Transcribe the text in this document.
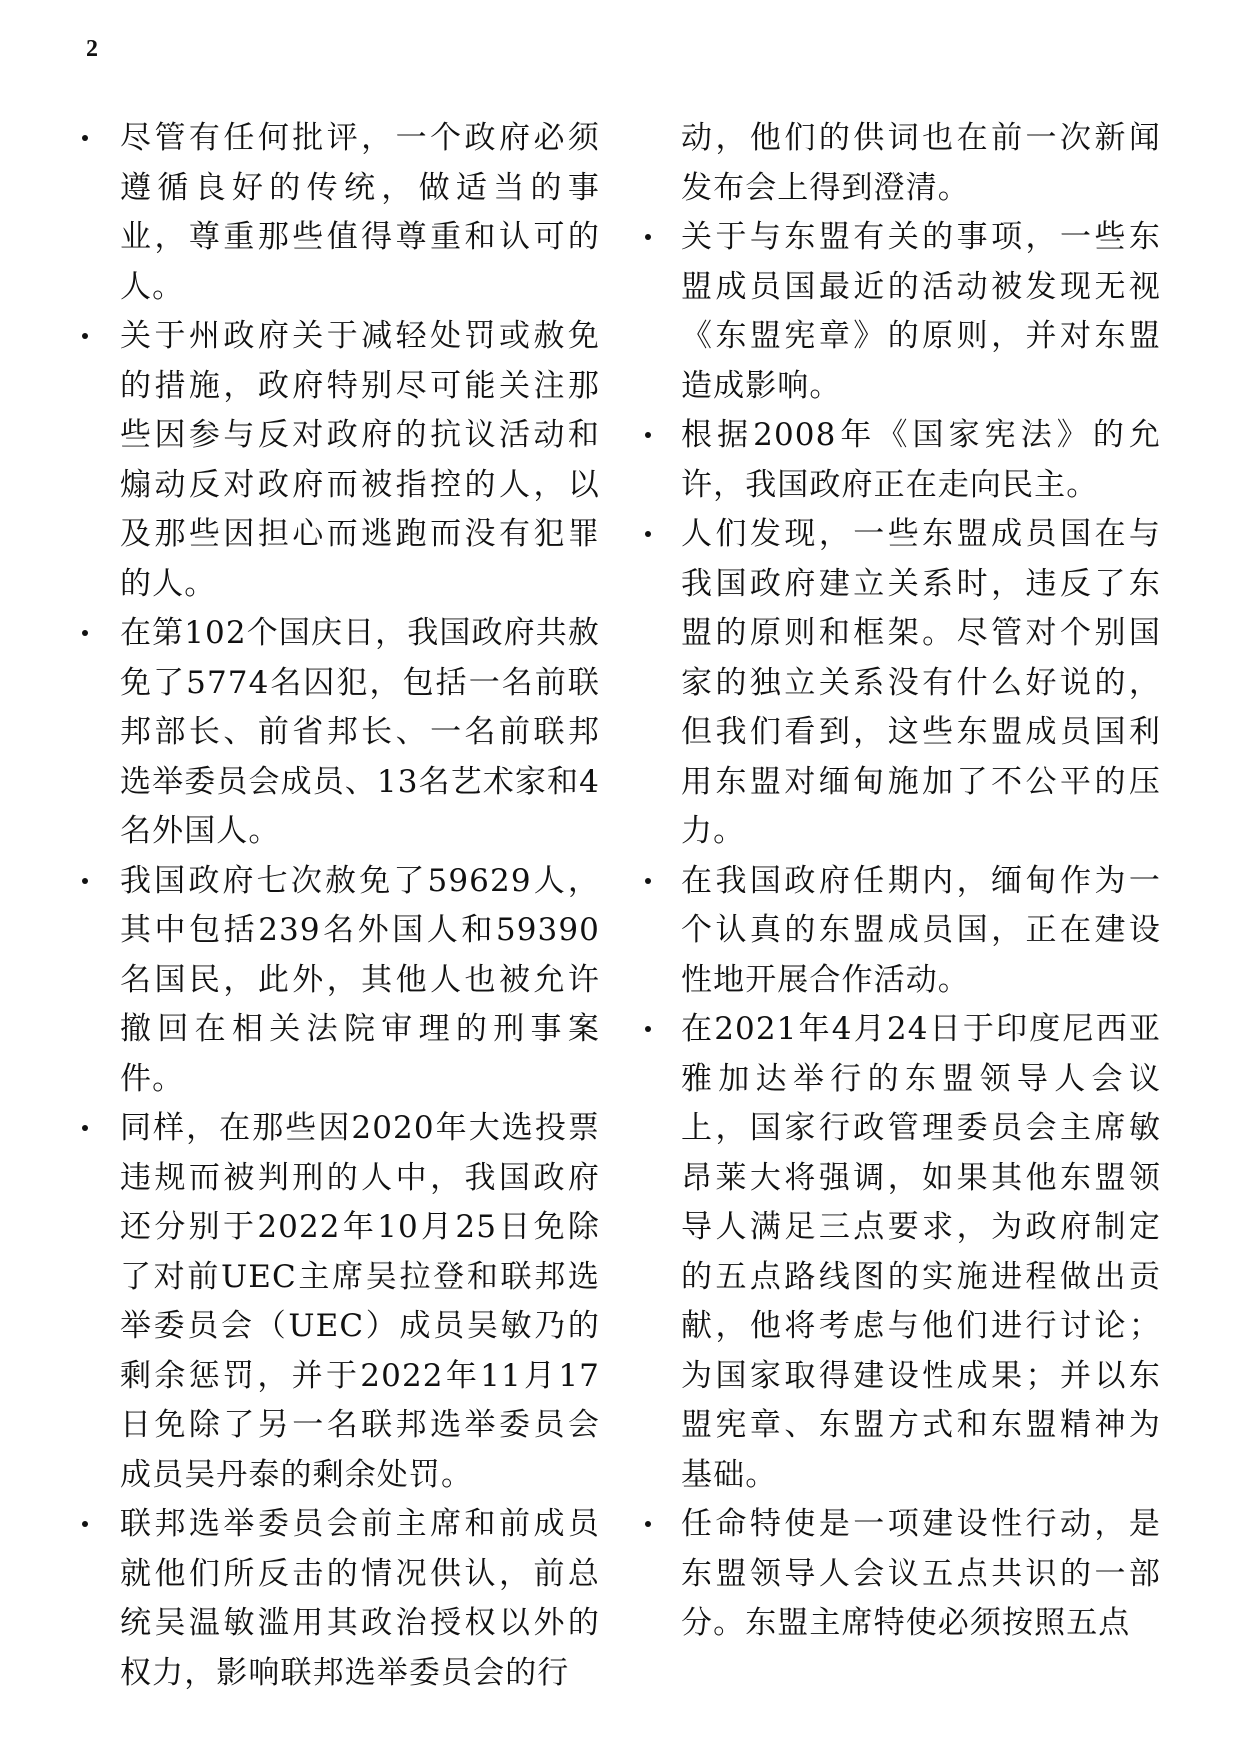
2
尽管有任何批评，一个政府必须遵循良好的传统，做适当的事业，尊重那些值得尊重和认可的人。
关于州政府关于减轻处罚或赦免的措施，政府特别尽可能关注那些因参与反对政府的抗议活动和煽动反对政府而被指控的人，以及那些因担心而逃跑而没有犯罪的人。
在第102个国庆日，我国政府共赦免了5774名囚犯，包括一名前联邦部长、前省邦长、一名前联邦选举委员会成员、13名艺术家和4名外国人。
我国政府七次赦免了59629人，其中包括239名外国人和59390名国民，此外，其他人也被允许撤回在相关法院审理的刑事案件。
同样，在那些因2020年大选投票违规而被判刑的人中，我国政府还分别于2022年10月25日免除了对前UEC主席吴拉登和联邦选举委员会（UEC）成员吴敏乃的剩余惩罚，并于2022年11月17日免除了另一名联邦选举委员会成员吴丹泰的剩余处罚。
联邦选举委员会前主席和前成员就他们所反击的情况供认，前总统吴温敏滥用其政治授权以外的权力，影响联邦选举委员会的行
动，他们的供词也在前一次新闻发布会上得到澄清。
关于与东盟有关的事项，一些东盟成员国最近的活动被发现无视《东盟宪章》的原则，并对东盟造成影响。
根据2008年《国家宪法》的允许，我国政府正在走向民主。
人们发现，一些东盟成员国在与我国政府建立关系时，违反了东盟的原则和框架。尽管对个别国家的独立关系没有什么好说的，但我们看到，这些东盟成员国利用东盟对缅甸施加了不公平的压力。
在我国政府任期内，缅甸作为一个认真的东盟成员国，正在建设性地开展合作活动。
在2021年4月24日于印度尼西亚雅加达举行的东盟领导人会议上，国家行政管理委员会主席敏昂莱大将强调，如果其他东盟领导人满足三点要求，为政府制定的五点路线图的实施进程做出贡献，他将考虑与他们进行讨论；为国家取得建设性成果；并以东盟宪章、东盟方式和东盟精神为基础。
任命特使是一项建设性行动，是东盟领导人会议五点共识的一部分。东盟主席特使必须按照五点
